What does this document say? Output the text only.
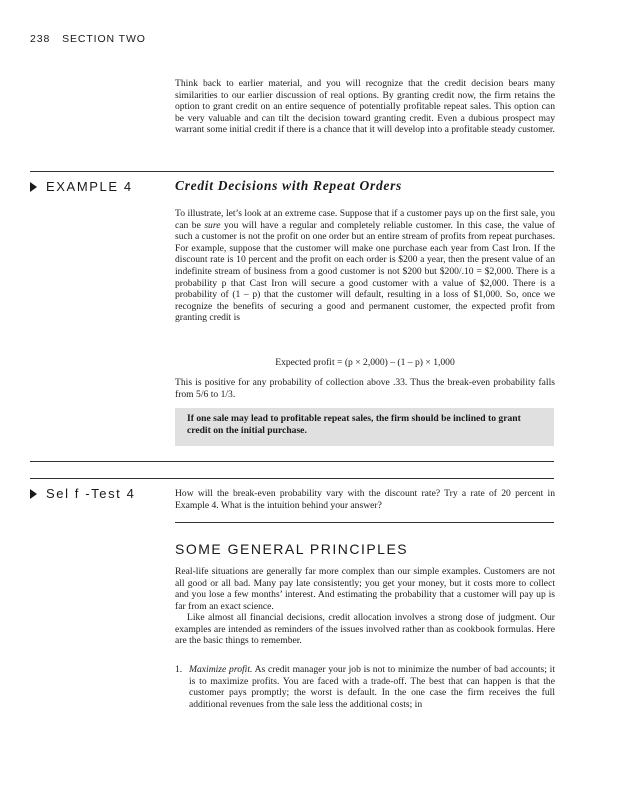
238 SECTION TWO

Think back to earlier material, and you will recognize that the credit decision bears many similarities to our earlier discussion of real options. By granting credit now, the firm retains the option to grant credit on an entire sequence of potentially profitable repeat sales. This option can be very valuable and can tilt the decision toward granting credit. Even a dubious prospect may warrant some initial credit if there is a chance that it will develop into a profitable steady customer.

EXAMPLE 4	Credit Decisions with Repeat Orders

To illustrate, let’s look at an extreme case. Suppose that if a customer pays up on the first sale, you can be sure you will have a regular and completely reliable customer. In this case, the value of such a customer is not the profit on one order but an entire stream of profits from repeat purchases. For example, suppose that the customer will make one purchase each year from Cast Iron. If the discount rate is 10 percent and the profit on each order is $200 a year, then the present value of an indefinite stream of business from a good customer is not $200 but $200/.10 = $2,000. There is a probability p that Cast Iron will secure a good customer with a value of $2,000. There is a probability of (1 – p) that the customer will default, resulting in a loss of $1,000. So, once we recognize the benefits of securing a good and permanent customer, the expected profit from granting credit is

Expected profit = (p × 2,000) – (1 – p) × 1,000

This is positive for any probability of collection above .33. Thus the break-even probability falls from 5/6 to 1/3.

If one sale may lead to profitable repeat sales, the firm should be inclined to grant credit on the initial purchase.
Sel f -Test 4	How will the break-even probability vary with the discount rate? Try a rate of 20 percent in Example 4. What is the intuition behind your answer?

SOME GENERAL PRINCIPLES

Real-life situations are generally far more complex than our simple examples. Customers are not all good or all bad. Many pay late consistently; you get your money, but it costs more to collect and you lose a few months’ interest. And estimating the probability that a customer will pay up is far from an exact science.

Like almost all financial decisions, credit allocation involves a strong dose of judgment. Our examples are intended as reminders of the issues involved rather than as cookbook formulas. Here are the basic things to remember.

1. Maximize profit. As credit manager your job is not to minimize the number of bad accounts; it is to maximize profits. You are faced with a trade-off. The best that can happen is that the customer pays promptly; the worst is default. In the one case the firm receives the full additional revenues from the sale less the additional costs; in
